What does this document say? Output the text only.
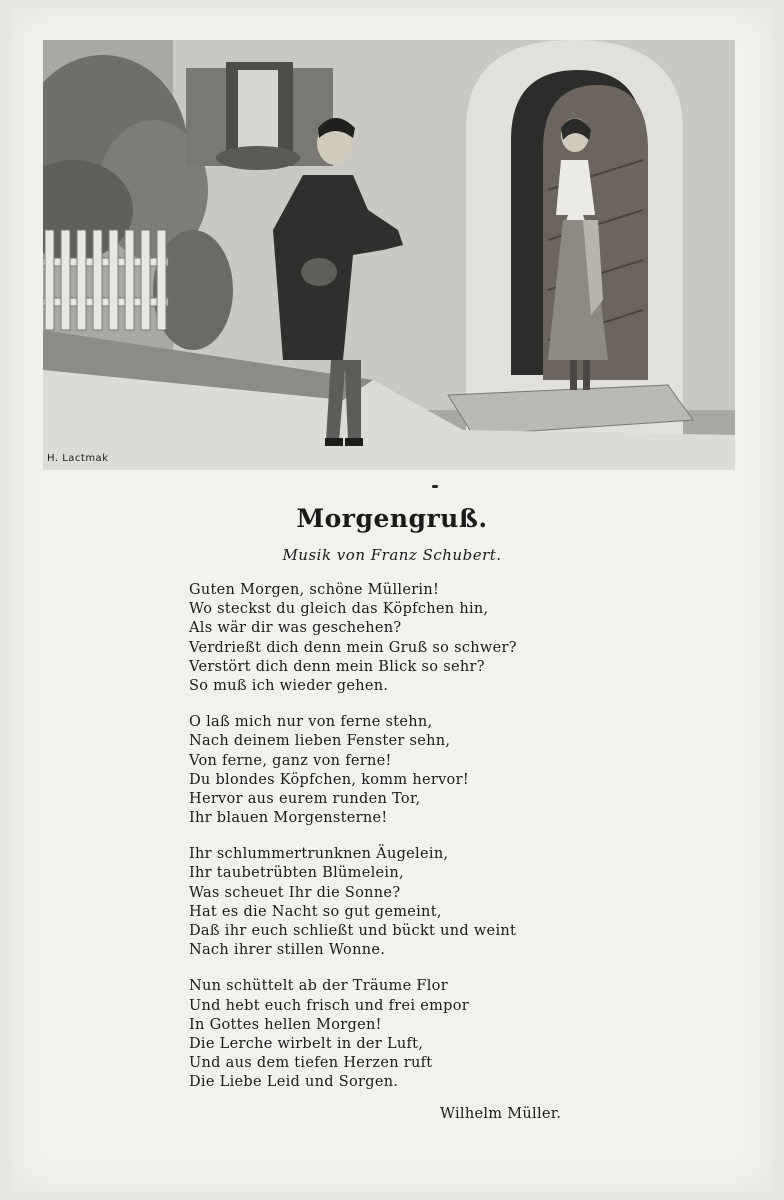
H. Lactmak
Morgengruß.
Musik von Franz Schubert.
Guten Morgen, schöne Müllerin!
Wo steckst du gleich das Köpfchen hin,
Als wär dir was geschehen?
Verdrießt dich denn mein Gruß so schwer?
Verstört dich denn mein Blick so sehr?
So muß ich wieder gehen.
O laß mich nur von ferne stehn,
Nach deinem lieben Fenster sehn,
Von ferne, ganz von ferne!
Du blondes Köpfchen, komm hervor!
Hervor aus eurem runden Tor,
Ihr blauen Morgensterne!
Ihr schlummertrunknen Äugelein,
Ihr taubetrübten Blümelein,
Was scheuet Ihr die Sonne?
Hat es die Nacht so gut gemeint,
Daß ihr euch schließt und bückt und weint
Nach ihrer stillen Wonne.
Nun schüttelt ab der Träume Flor
Und hebt euch frisch und frei empor
In Gottes hellen Morgen!
Die Lerche wirbelt in der Luft,
Und aus dem tiefen Herzen ruft
Die Liebe Leid und Sorgen.
Wilhelm Müller.
